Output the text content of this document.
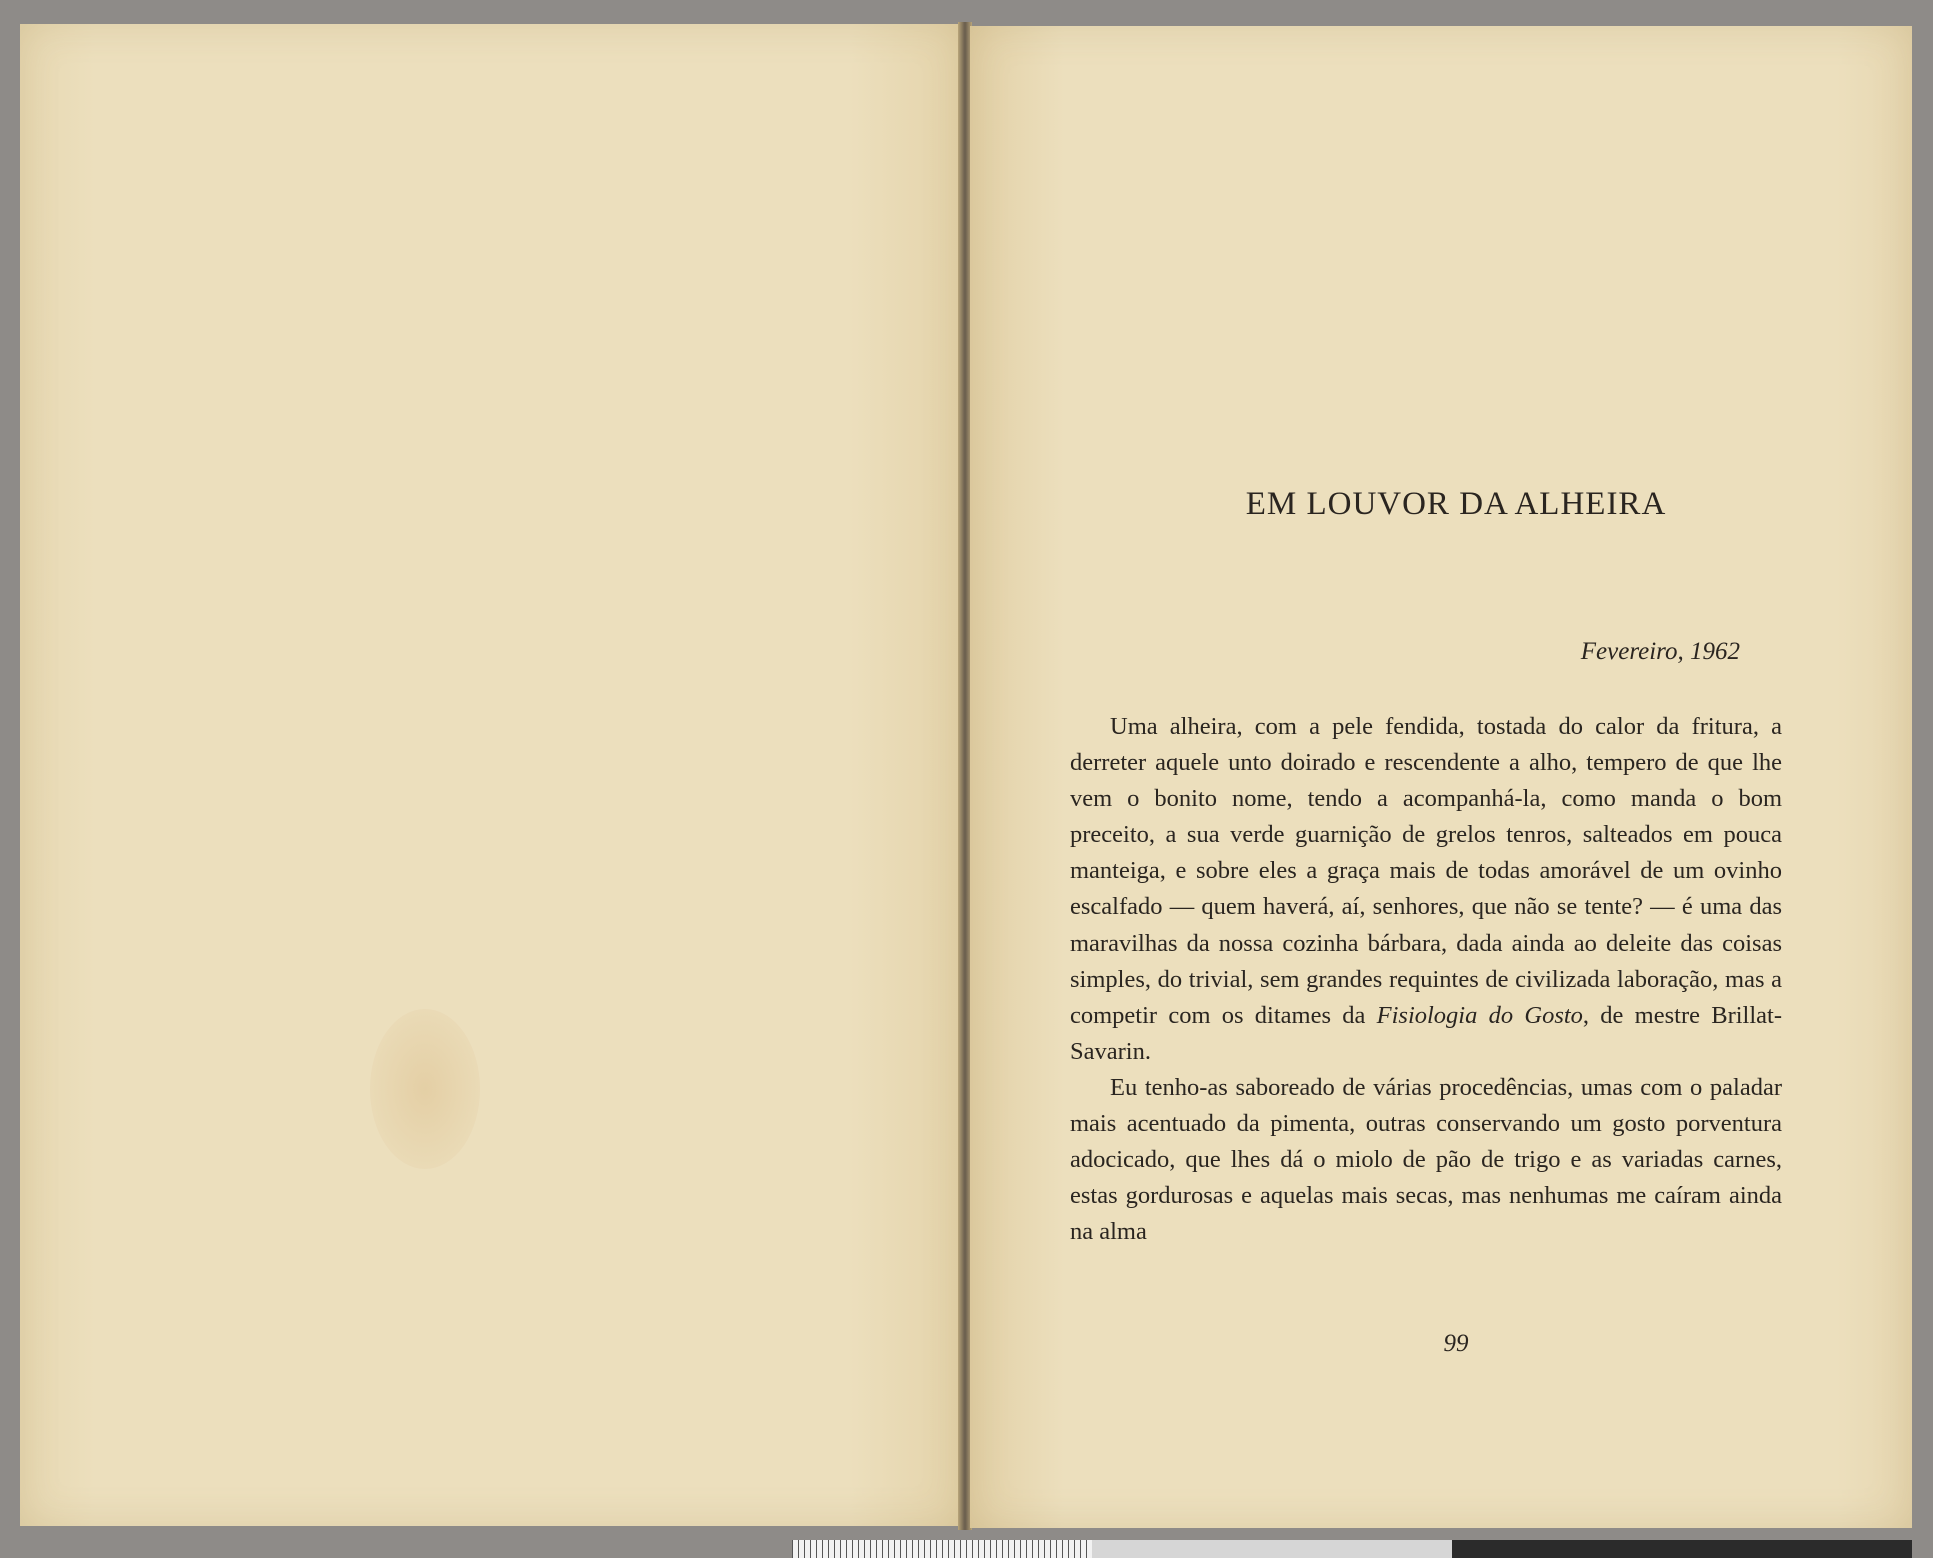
EM LOUVOR DA ALHEIRA
Fevereiro, 1962

Uma alheira, com a pele fendida, tostada do calor da fritura, a derreter aquele unto doirado e rescendente a alho, tempero de que lhe vem o bonito nome, tendo a acompanhá-la, como manda o bom preceito, a sua verde guarnição de grelos tenros, salteados em pouca manteiga, e sobre eles a graça mais de todas amorável de um ovinho escalfado — quem haverá, aí, senhores, que não se tente? — é uma das maravilhas da nossa cozinha bárbara, dada ainda ao deleite das coisas simples, do trivial, sem grandes requintes de civilizada laboração, mas a competir com os ditames da Fisiologia do Gosto, de mestre Brillat-Savarin.

Eu tenho-as saboreado de várias procedências, umas com o paladar mais acentuado da pimenta, outras conservando um gosto porventura adocicado, que lhes dá o miolo de pão de trigo e as variadas carnes, estas gordurosas e aquelas mais secas, mas nenhumas me caíram ainda na alma

99
